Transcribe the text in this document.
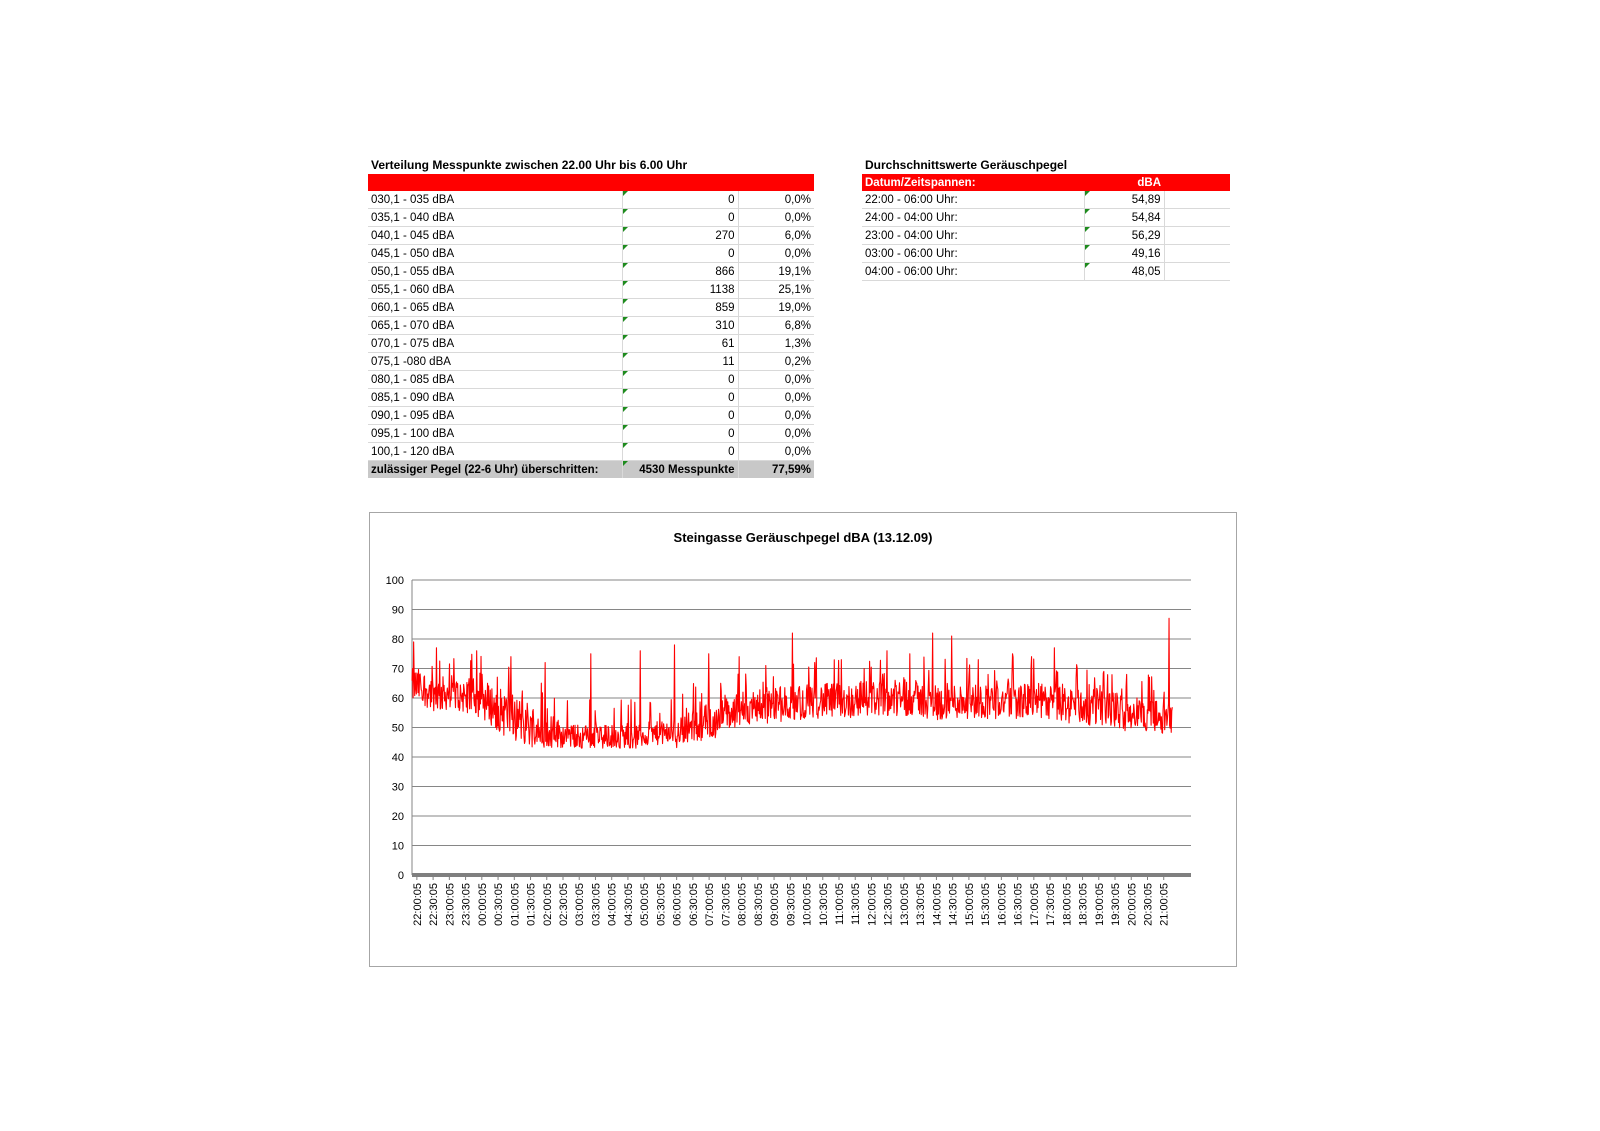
Verteilung Messpunkte zwischen 22.00 Uhr bis 6.00 Uhr

030,1 - 035 dBA	0	0,0%
035,1 - 040 dBA	0	0,0%
040,1 - 045 dBA	270	6,0%
045,1 - 050 dBA	0	0,0%
050,1 - 055 dBA	866	19,1%
055,1 - 060 dBA	1138	25,1%
060,1 - 065 dBA	859	19,0%
065,1 - 070 dBA	310	6,8%
070,1 - 075 dBA	61	1,3%
075,1 -080 dBA	11	0,2%
080,1 - 085 dBA	0	0,0%
085,1 - 090 dBA	0	0,0%
090,1 - 095 dBA	0	0,0%
095,1 - 100 dBA	0	0,0%
100,1 - 120 dBA	0	0,0%
zulässiger Pegel (22-6 Uhr) überschritten:	4530 Messpunkte	77,59%
Durchschnittswerte Geräuschpegel
Datum/Zeitspannen:	dBA	
22:00 - 06:00 Uhr:	54,89	
24:00 - 04:00 Uhr:	54,84	
23:00 - 04:00 Uhr:	56,29	
03:00 - 06:00 Uhr:	49,16	
04:00 - 06:00 Uhr:	48,05	
Steingasse Geräuschpegel dBA (13.12.09)
0
10
20
30
40
50
60
70
80
90
100
22:00:05 22:30:05 23:00:05 23:30:05 00:00:05 00:30:05 01:00:05 01:30:05 02:00:05 02:30:05 03:00:05 03:30:05 04:00:05 04:30:05 05:00:05 05:30:05 06:00:05 06:30:05 07:00:05 07:30:05 08:00:05 08:30:05 09:00:05 09:30:05 10:00:05 10:30:05 11:00:05 11:30:05 12:00:05 12:30:05 13:00:05 13:30:05 14:00:05 14:30:05 15:00:05 15:30:05 16:00:05 16:30:05 17:00:05 17:30:05 18:00:05 18:30:05 19:00:05 19:30:05 20:00:05 20:30:05 21:00:05
